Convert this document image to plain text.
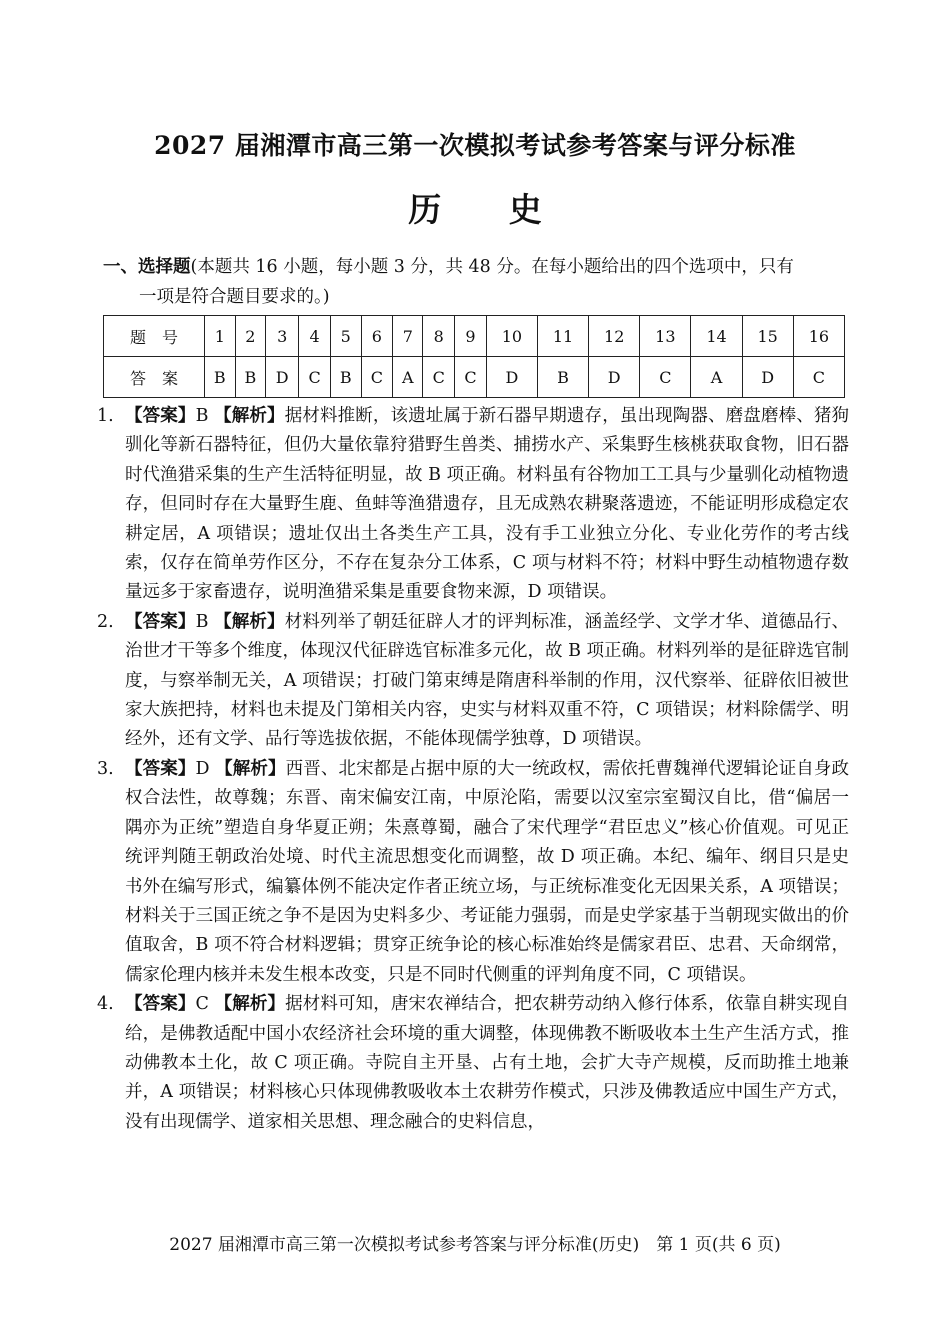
2027 届湘潭市高三第一次模拟考试参考答案与评分标准
历 史
一、选择题(本题共 16 小题，每小题 3 分，共 48 分。在每小题给出的四个选项中，只有
一项是符合题目要求的。)
题号	1	2	3	4	5	6	7	8	9	10	11	12	13	14	15	16
答案	B	B	D	C	B	C	A	C	C	D	B	D	C	A	D	C
1. 【答案】B 【解析】据材料推断，该遗址属于新石器早期遗存，虽出现陶器、磨盘磨棒、猪狗驯化等新石器特征，但仍大量依靠狩猎野生兽类、捕捞水产、采集野生核桃获取食物，旧石器时代渔猎采集的生产生活特征明显，故 B 项正确。材料虽有谷物加工工具与少量驯化动植物遗存，但同时存在大量野生鹿、鱼蚌等渔猎遗存，且无成熟农耕聚落遗迹，不能证明形成稳定农耕定居，A 项错误；遗址仅出土各类生产工具，没有手工业独立分化、专业化劳作的考古线索，仅存在简单劳作区分，不存在复杂分工体系，C 项与材料不符；材料中野生动植物遗存数量远多于家畜遗存，说明渔猎采集是重要食物来源，D 项错误。
2. 【答案】B 【解析】材料列举了朝廷征辟人才的评判标准，涵盖经学、文学才华、道德品行、治世才干等多个维度，体现汉代征辟选官标准多元化，故 B 项正确。材料列举的是征辟选官制度，与察举制无关，A 项错误；打破门第束缚是隋唐科举制的作用，汉代察举、征辟依旧被世家大族把持，材料也未提及门第相关内容，史实与材料双重不符，C 项错误；材料除儒学、明经外，还有文学、品行等选拔依据，不能体现儒学独尊，D 项错误。
3. 【答案】D 【解析】西晋、北宋都是占据中原的大一统政权，需依托曹魏禅代逻辑论证自身政权合法性，故尊魏；东晋、南宋偏安江南，中原沦陷，需要以汉室宗室蜀汉自比，借“偏居一隅亦为正统”塑造自身华夏正朔；朱熹尊蜀，融合了宋代理学“君臣忠义”核心价值观。可见正统评判随王朝政治处境、时代主流思想变化而调整，故 D 项正确。本纪、编年、纲目只是史书外在编写形式，编纂体例不能决定作者正统立场，与正统标准变化无因果关系，A 项错误；材料关于三国正统之争不是因为史料多少、考证能力强弱，而是史学家基于当朝现实做出的价值取舍，B 项不符合材料逻辑；贯穿正统争论的核心标准始终是儒家君臣、忠君、天命纲常，儒家伦理内核并未发生根本改变，只是不同时代侧重的评判角度不同，C 项错误。
4. 【答案】C 【解析】据材料可知，唐宋农禅结合，把农耕劳动纳入修行体系，依靠自耕实现自给，是佛教适配中国小农经济社会环境的重大调整，体现佛教不断吸收本土生产生活方式，推动佛教本土化，故 C 项正确。寺院自主开垦、占有土地，会扩大寺产规模，反而助推土地兼并，A 项错误；材料核心只体现佛教吸收本土农耕劳作模式，只涉及佛教适应中国生产方式，没有出现儒学、道家相关思想、理念融合的史料信息，
2027 届湘潭市高三第一次模拟考试参考答案与评分标准(历史)　第 1 页(共 6 页)
